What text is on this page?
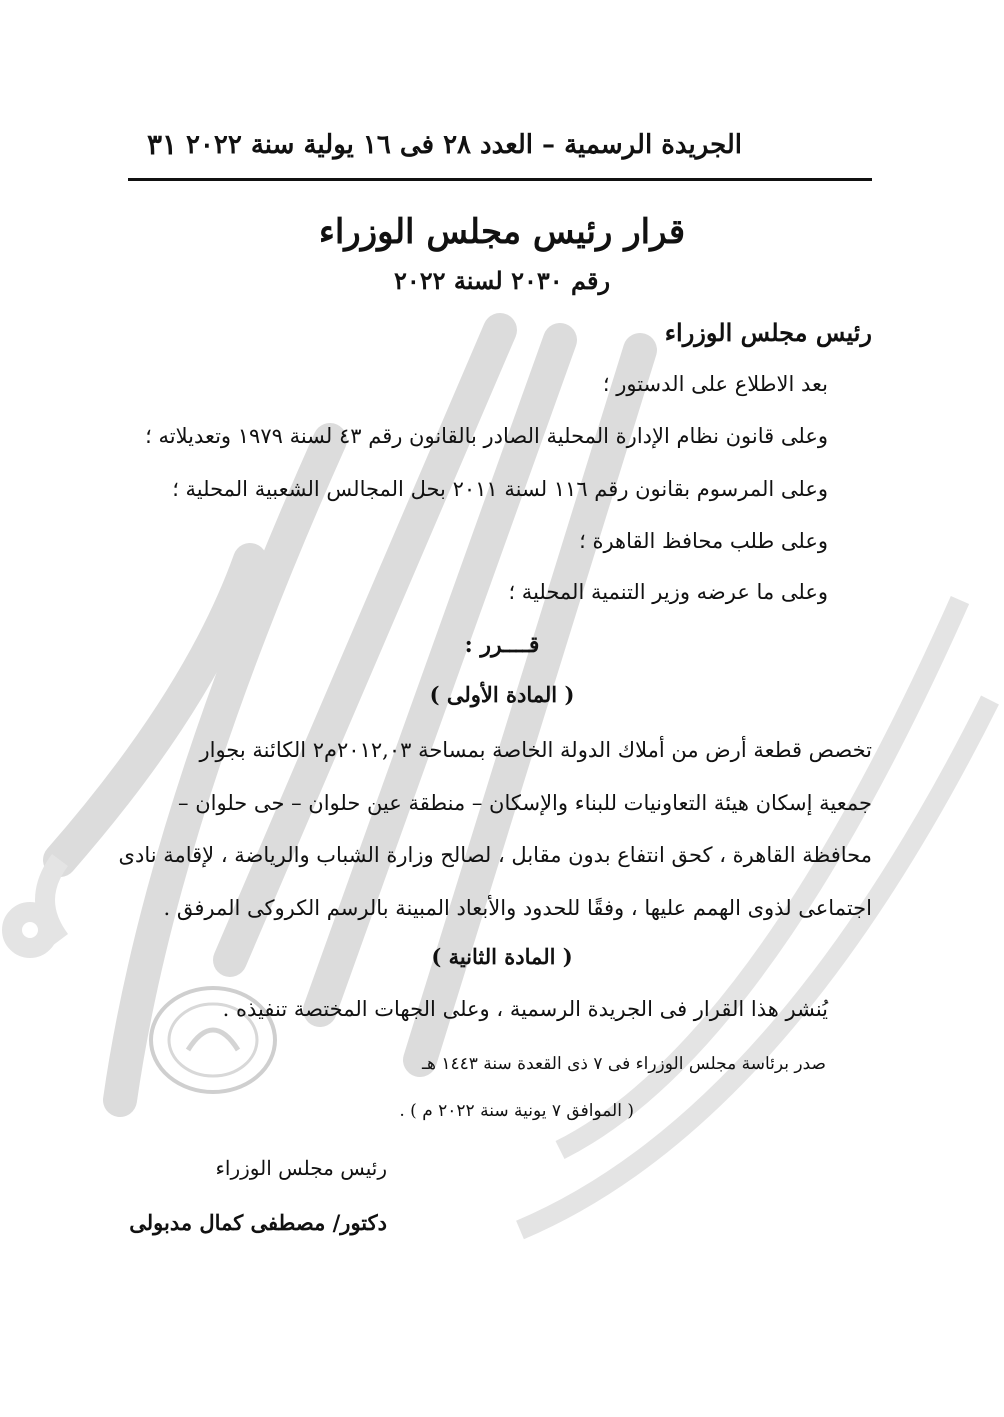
الجريدة الرسمية – العدد ٢٨ فى ١٦ يولية سنة ٢٠٢٢
٣١
قرار رئيس مجلس الوزراء
رقم ٢٠٣٠ لسنة ٢٠٢٢
رئيس مجلس الوزراء
بعد الاطلاع على الدستور ؛
وعلى قانون نظام الإدارة المحلية الصادر بالقانون رقم ٤٣ لسنة ١٩٧٩ وتعديلاته ؛
وعلى المرسوم بقانون رقم ١١٦ لسنة ٢٠١١ بحل المجالس الشعبية المحلية ؛
وعلى طلب محافظ القاهرة ؛
وعلى ما عرضه وزير التنمية المحلية ؛
قــــرر :
( المادة الأولى )
تخصص قطعة أرض من أملاك الدولة الخاصة بمساحة ٢٠١٢,٠٣م٢ الكائنة بجوار
جمعية إسكان هيئة التعاونيات للبناء والإسكان – منطقة عين حلوان – حى حلوان –
محافظة القاهرة ، كحق انتفاع بدون مقابل ، لصالح وزارة الشباب والرياضة ، لإقامة نادى
اجتماعى لذوى الهمم عليها ، وفقًا للحدود والأبعاد المبينة بالرسم الكروكى المرفق .
( المادة الثانية )
يُنشر هذا القرار فى الجريدة الرسمية ، وعلى الجهات المختصة تنفيذه .
صدر برئاسة مجلس الوزراء فى ٧ ذى القعدة سنة ١٤٤٣ هـ
( الموافق ٧ يونية سنة ٢٠٢٢ م ) .
رئيس مجلس الوزراء
دكتور/ مصطفى كمال مدبولى
